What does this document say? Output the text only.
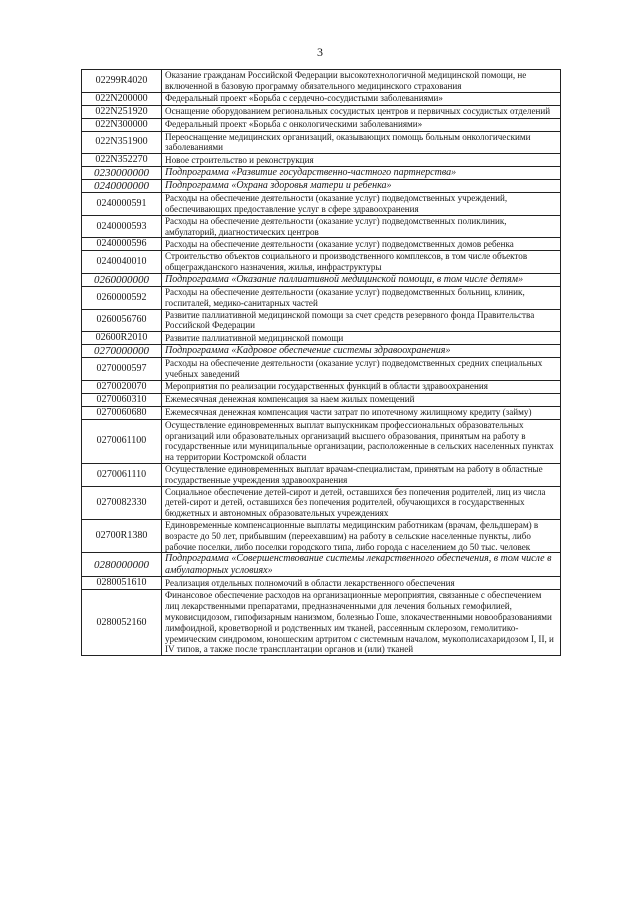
3
02299R4020	Оказание гражданам Российской Федерации высокотехнологичной медицинской помощи, не включенной в базовую программу обязательного медицинского страхования
022N200000	Федеральный проект «Борьба с сердечно-сосудистыми заболеваниями»
022N251920	Оснащение оборудованием региональных сосудистых центров и первичных сосудистых отделений
022N300000	Федеральный проект «Борьба с онкологическими заболеваниями»
022N351900	Переоснащение медицинских организаций, оказывающих помощь больным онкологическими заболеваниями
022N352270	Новое строительство и реконструкция
0230000000	Подпрограмма «Развитие государственно-частного партнерства»
0240000000	Подпрограмма «Охрана здоровья матери и ребенка»
0240000591	Расходы на обеспечение деятельности (оказание услуг) подведомственных учреждений, обеспечивающих предоставление услуг в сфере здравоохранения
0240000593	Расходы на обеспечение деятельности (оказание услуг) подведомственных поликлиник, амбулаторий, диагностических центров
0240000596	Расходы на обеспечение деятельности (оказание услуг) подведомственных домов ребенка
0240040010	Строительство объектов социального и производственного комплексов, в том числе объектов общегражданского назначения, жилья, инфраструктуры
0260000000	Подпрограмма «Оказание паллиативной медицинской помощи, в том числе детям»
0260000592	Расходы на обеспечение деятельности (оказание услуг) подведомственных больниц, клиник, госпиталей, медико-санитарных частей
0260056760	Развитие паллиативной медицинской помощи за счет средств резервного фонда Правительства Российской Федерации
02600R2010	Развитие паллиативной медицинской помощи
0270000000	Подпрограмма «Кадровое обеспечение системы здравоохранения»
0270000597	Расходы на обеспечение деятельности (оказание услуг) подведомственных средних специальных учебных заведений
0270020070	Мероприятия по реализации государственных функций в области здравоохранения
0270060310	Ежемесячная денежная компенсация за наем жилых помещений
0270060680	Ежемесячная денежная компенсация части затрат по ипотечному жилищному кредиту (займу)
0270061100	Осуществление единовременных выплат выпускникам профессиональных образовательных организаций или образовательных организаций высшего образования, принятым на работу в государственные или муниципальные организации, расположенные в сельских населенных пунктах на территории Костромской области
0270061110	Осуществление единовременных выплат врачам-специалистам, принятым на работу в областные государственные учреждения здравоохранения
0270082330	Социальное обеспечение детей-сирот и детей, оставшихся без попечения родителей, лиц из числа детей-сирот и детей, оставшихся без попечения родителей, обучающихся в государственных бюджетных и автономных образовательных учреждениях
02700R1380	Единовременные компенсационные выплаты медицинским работникам (врачам, фельдшерам) в возрасте до 50 лет, прибывшим (переехавшим) на работу в сельские населенные пункты, либо рабочие поселки, либо поселки городского типа, либо города с населением до 50 тыс. человек
0280000000	Подпрограмма «Совершенствование системы лекарственного обеспечения, в том числе в амбулаторных условиях»
0280051610	Реализация отдельных полномочий в области лекарственного обеспечения
0280052160	Финансовое обеспечение расходов на организационные мероприятия, связанные с обеспечением лиц лекарственными препаратами, предназначенными для лечения больных гемофилией, муковисцидозом, гипофизарным нанизмом, болезнью Гоше, злокачественными новообразованиями лимфоидной, кроветворной и родственных им тканей, рассеянным склерозом, гемолитико-уремическим синдромом, юношеским артритом с системным началом, мукополисахаридозом I, II, и IV типов, а также после трансплантации органов и (или) тканей
